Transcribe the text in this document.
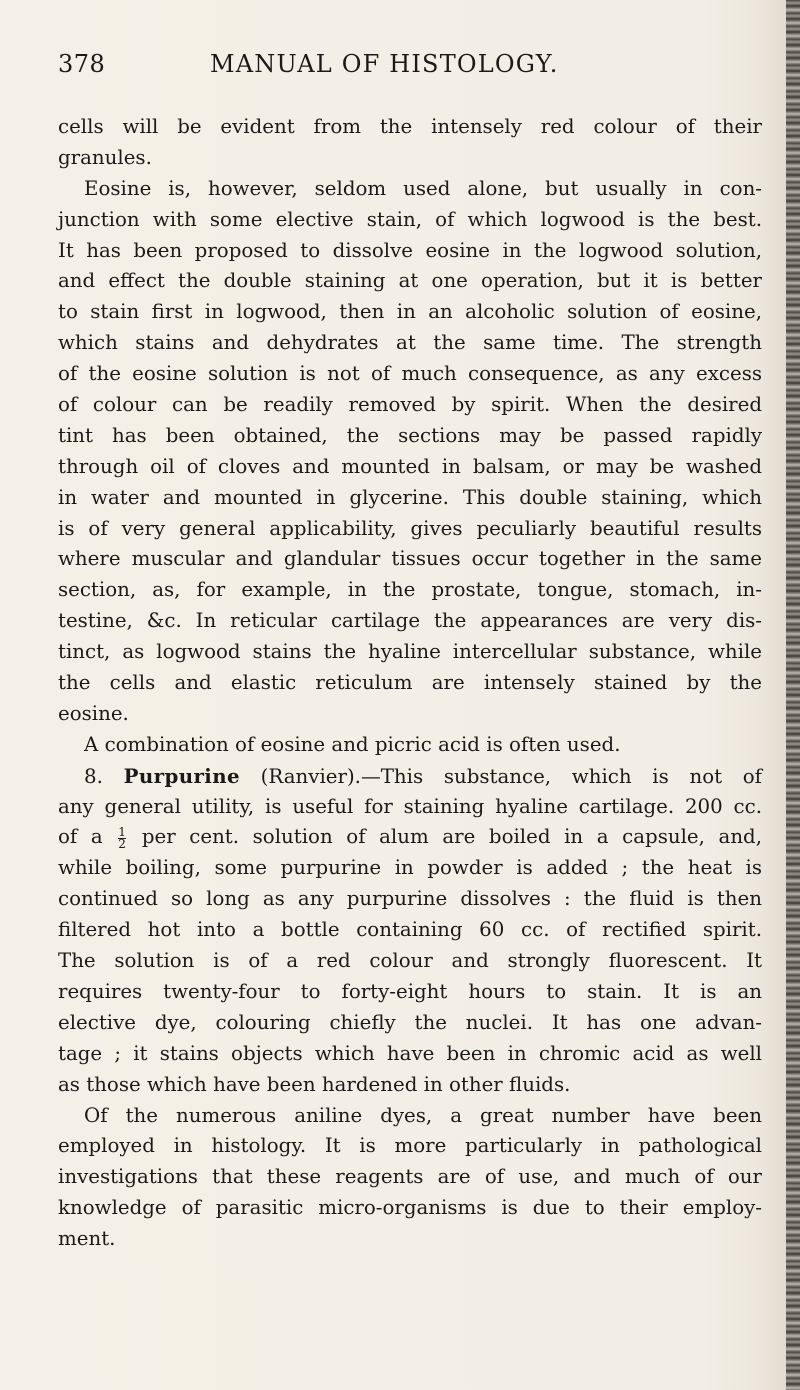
378	MANUAL OF HISTOLOGY.
cells will be evident from the intensely red colour of their
granules.
Eosine is, however, seldom used alone, but usually in con-
junction with some elective stain, of which logwood is the best.
It has been proposed to dissolve eosine in the logwood solution,
and effect the double staining at one operation, but it is better
to stain first in logwood, then in an alcoholic solution of eosine,
which stains and dehydrates at the same time. The strength
of the eosine solution is not of much consequence, as any excess
of colour can be readily removed by spirit. When the desired
tint has been obtained, the sections may be passed rapidly
through oil of cloves and mounted in balsam, or may be washed
in water and mounted in glycerine. This double staining, which
is of very general applicability, gives peculiarly beautiful results
where muscular and glandular tissues occur together in the same
section, as, for example, in the prostate, tongue, stomach, in-
testine, &c. In reticular cartilage the appearances are very dis-
tinct, as logwood stains the hyaline intercellular substance, while
the cells and elastic reticulum are intensely stained by the
eosine.
A combination of eosine and picric acid is often used.
8. Purpurine (Ranvier).—This substance, which is not of
any general utility, is useful for staining hyaline cartilage. 200 cc.
of a $\frac{1}{2}$ per cent. solution of alum are boiled in a capsule, and,
while boiling, some purpurine in powder is added ; the heat is
continued so long as any purpurine dissolves : the fluid is then
filtered hot into a bottle containing 60 cc. of rectified spirit.
The solution is of a red colour and strongly fluorescent. It
requires twenty-four to forty-eight hours to stain. It is an
elective dye, colouring chiefly the nuclei. It has one advan-
tage ; it stains objects which have been in chromic acid as well
as those which have been hardened in other fluids.
Of the numerous aniline dyes, a great number have been
employed in histology. It is more particularly in pathological
investigations that these reagents are of use, and much of our
knowledge of parasitic micro-organisms is due to their employ-
ment.
